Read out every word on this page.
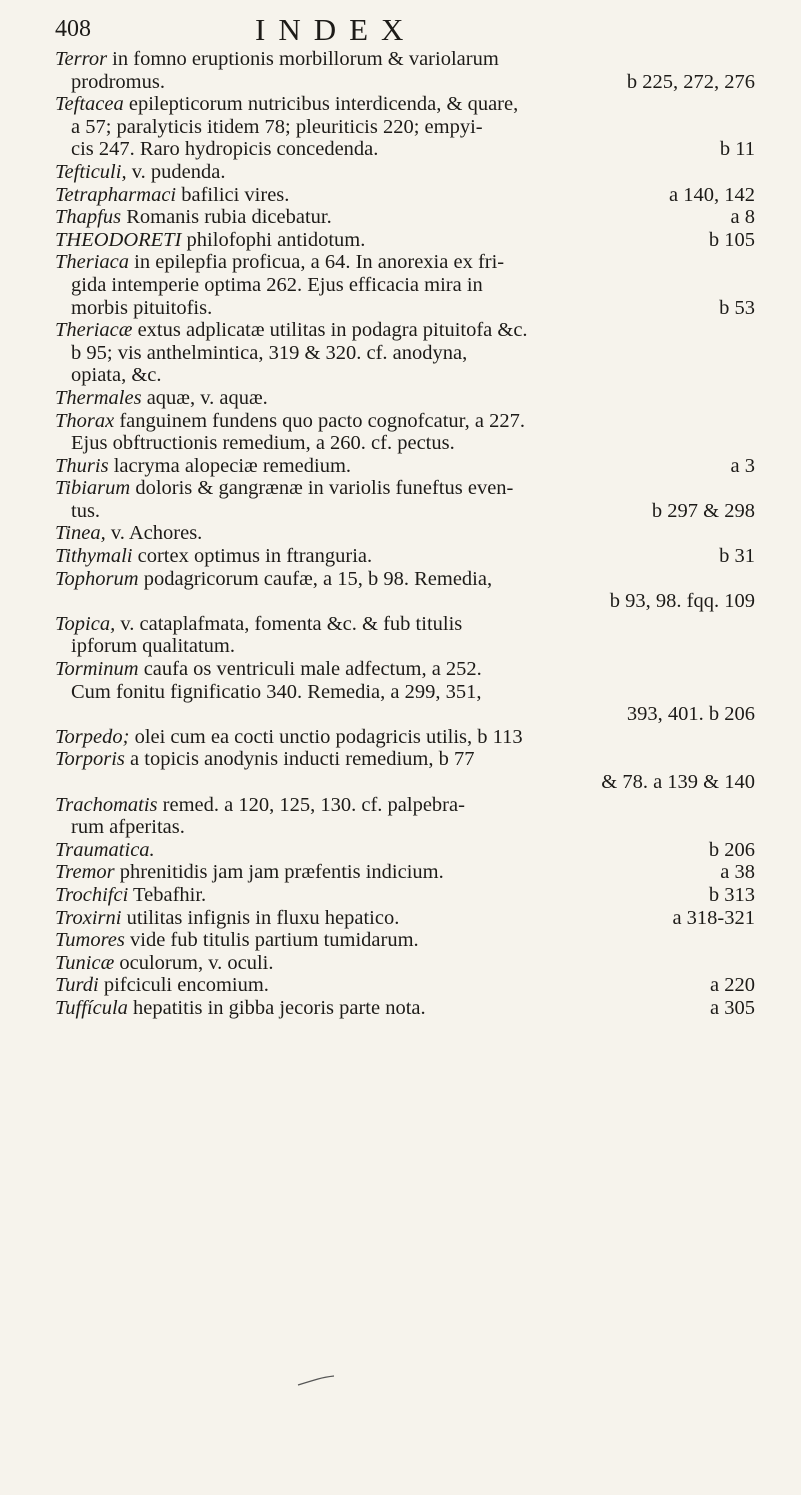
408	INDEX
Terror in fomno eruptionis morbillorum & variolarum
prodromus.	b 225, 272, 276
Teftacea epilepticorum nutricibus interdicenda, & quare,
a 57; paralyticis itidem 78; pleuriticis 220; empyi-
cis 247. Raro hydropicis concedenda.	b 11
Tefticuli, v. pudenda.
Tetrapharmaci bafilici vires.	a 140, 142
Thapfus Romanis rubia dicebatur.	a 8
THEODORETI philofophi antidotum.	b 105
Theriaca in epilepfia proficua, a 64. In anorexia ex fri-
gida intemperie optima 262. Ejus efficacia mira in
morbis pituitofis.	b 53
Theriacæ extus adplicatæ utilitas in podagra pituitofa &c.
b 95; vis anthelmintica, 319 & 320. cf. anodyna,
opiata, &c.
Thermales aquæ, v. aquæ.
Thorax fanguinem fundens quo pacto cognofcatur, a 227.
Ejus obftructionis remedium, a 260. cf. pectus.
Thuris lacryma alopeciæ remedium.	a 3
Tibiarum doloris & gangrænæ in variolis funeftus even-
tus.	b 297 & 298
Tinea, v. Achores.
Tithymali cortex optimus in ftranguria.	b 31
Tophorum podagricorum caufæ, a 15, b 98. Remedia,
b 93, 98. fqq. 109
Topica, v. cataplafmata, fomenta &c. & fub titulis
ipforum qualitatum.
Torminum caufa os ventriculi male adfectum, a 252.
Cum fonitu fignificatio 340. Remedia, a 299, 351,
393, 401. b 206
Torpedo; olei cum ea cocti unctio podagricis utilis, b 113
Torporis a topicis anodynis inducti remedium, b 77
& 78. a 139 & 140
Trachomatis remed. a 120, 125, 130. cf. palpebra-
rum afperitas.
Traumatica.	b 206
Tremor phrenitidis jam jam præfentis indicium.	a 38
Trochifci Tebafhir.	b 313
Troxirni utilitas infignis in fluxu hepatico.	a 318-321
Tumores vide fub titulis partium tumidarum.
Tunicæ oculorum, v. oculi.
Turdi pifciculi encomium.	a 220
Tuffícula hepatitis in gibba jecoris parte nota.	a 305
